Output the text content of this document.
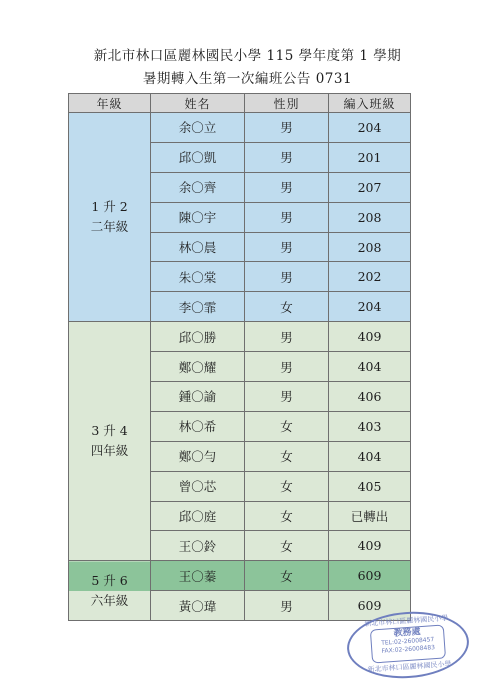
新北市林口區麗林國民小學 115 學年度第 1 學期
暑期轉入生第一次編班公告 0731
年級	姓名	性別	編入班級

1 升 2
二年級	余〇立	男	204
	邱〇凱	男	201
	余〇齊	男	207
	陳〇宇	男	208
	林〇晨	男	208
	朱〇棠	男	202
	李〇霏	女	204

3 升 4
四年級	邱〇勝	男	409
	鄭〇耀	男	404
	鍾〇諭	男	406
	林〇希	女	403
	鄭〇勻	女	404
	曾〇芯	女	405
	邱〇庭	女	已轉出
	王〇鈴	女	409

5 升 6
六年級	王〇蓁	女	609
	黃〇瑋	男	609
新北市林口區麗林國民小學
教務處
TEL:02-26008457
FAX:02-26008483
新北市林口區麗林國民小學
